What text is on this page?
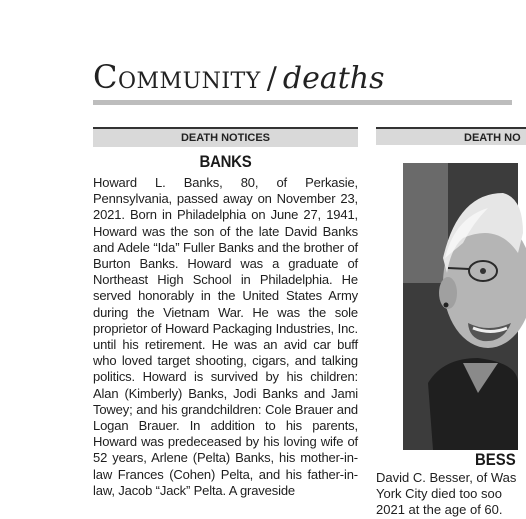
Community / deaths
DEATH NOTICES	DEATH NO
BANKS
Howard L. Banks, 80, of Perkasie, Pennsylvania, passed away on November 23, 2021. Born in Philadelphia on June 27, 1941, Howard was the son of the late David Banks and Adele “Ida” Fuller Banks and the brother of Burton Banks. Howard was a graduate of Northeast High School in Philadelphia. He served honorably in the United States Army during the Vietnam War. He was the sole proprietor of Howard Packaging Industries, Inc. until his retirement. He was an avid car buff who loved target shooting, cigars, and talking politics. Howard is survived by his children: Alan (Kimberly) Banks, Jodi Banks and Jami Towey; and his grandchildren: Cole Brauer and Logan Brauer. In addition to his parents, Howard was predeceased by his loving wife of 52 years, Arlene (Pelta) Banks, his mother-in-law Frances (Cohen) Pelta, and his father-in-law, Jacob “Jack” Pelta. A graveside
BESS
David C. Besser, of Was
York City died too soo
2021 at the age of 60.
